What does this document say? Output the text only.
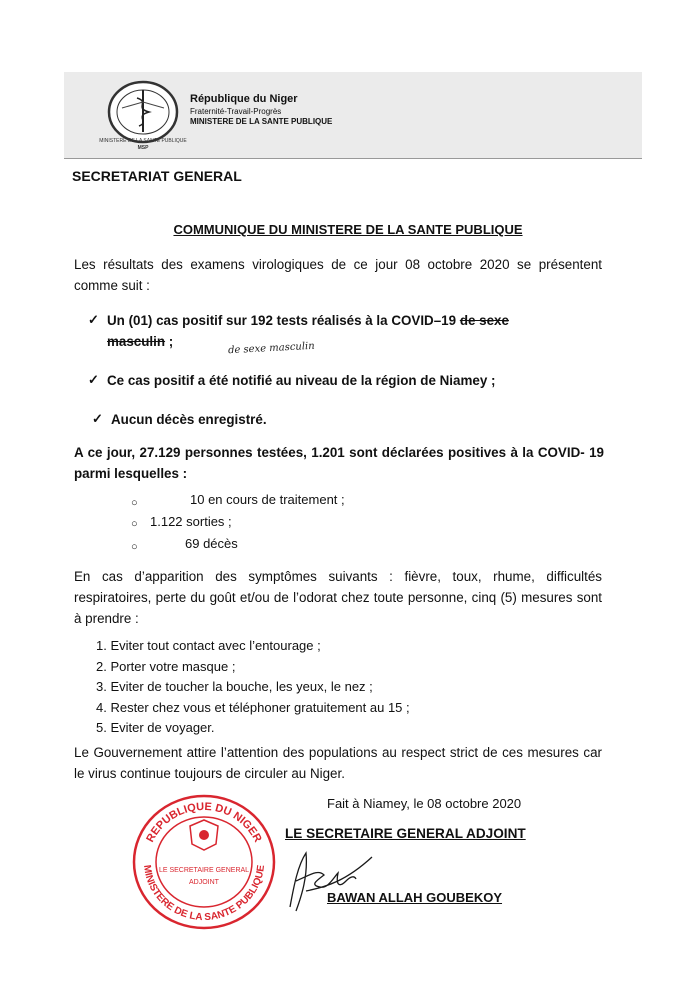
MINISTERE DE LA SANTE PUBLIQUE
MSP
République du Niger
Fraternité-Travail-Progrès
MINISTERE DE LA SANTE PUBLIQUE
SECRETARIAT GENERAL
COMMUNIQUE DU MINISTERE DE LA SANTE PUBLIQUE
Les résultats des examens virologiques de ce jour 08 octobre 2020 se présentent comme suit :
✓ Un (01) cas positif sur 192 tests réalisés à la COVID–19 de sexe
masculin ;	de sexe masculin
✓ Ce cas positif a été notifié au niveau de la région de Niamey ;
✓ Aucun décès enregistré.
A ce jour, 27.129 personnes testées, 1.201 sont déclarées positives à la COVID- 19 parmi lesquelles :
○	10 en cours de traitement ;
○ 1.122 sorties ;
○	69 décès
En cas d’apparition des symptômes suivants : fièvre, toux, rhume, difficultés respiratoires, perte du goût et/ou de l’odorat chez toute personne, cinq (5) mesures sont à prendre :
1. Eviter tout contact avec l’entourage ;
2. Porter votre masque ;
3. Eviter de toucher la bouche, les yeux, le nez ;
4. Rester chez vous et téléphoner gratuitement au 15 ;
5. Eviter de voyager.
Le Gouvernement attire l’attention des populations au respect strict de ces mesures car le virus continue toujours de circuler au Niger.
Fait à Niamey, le 08 octobre 2020
REPUBLIQUE DU NIGER
MINISTERE DE LA SANTE PUBLIQUE
LE SECRETAIRE GENERAL
ADJOINT
LE SECRETAIRE GENERAL ADJOINT
BAWAN ALLAH GOUBEKOY
